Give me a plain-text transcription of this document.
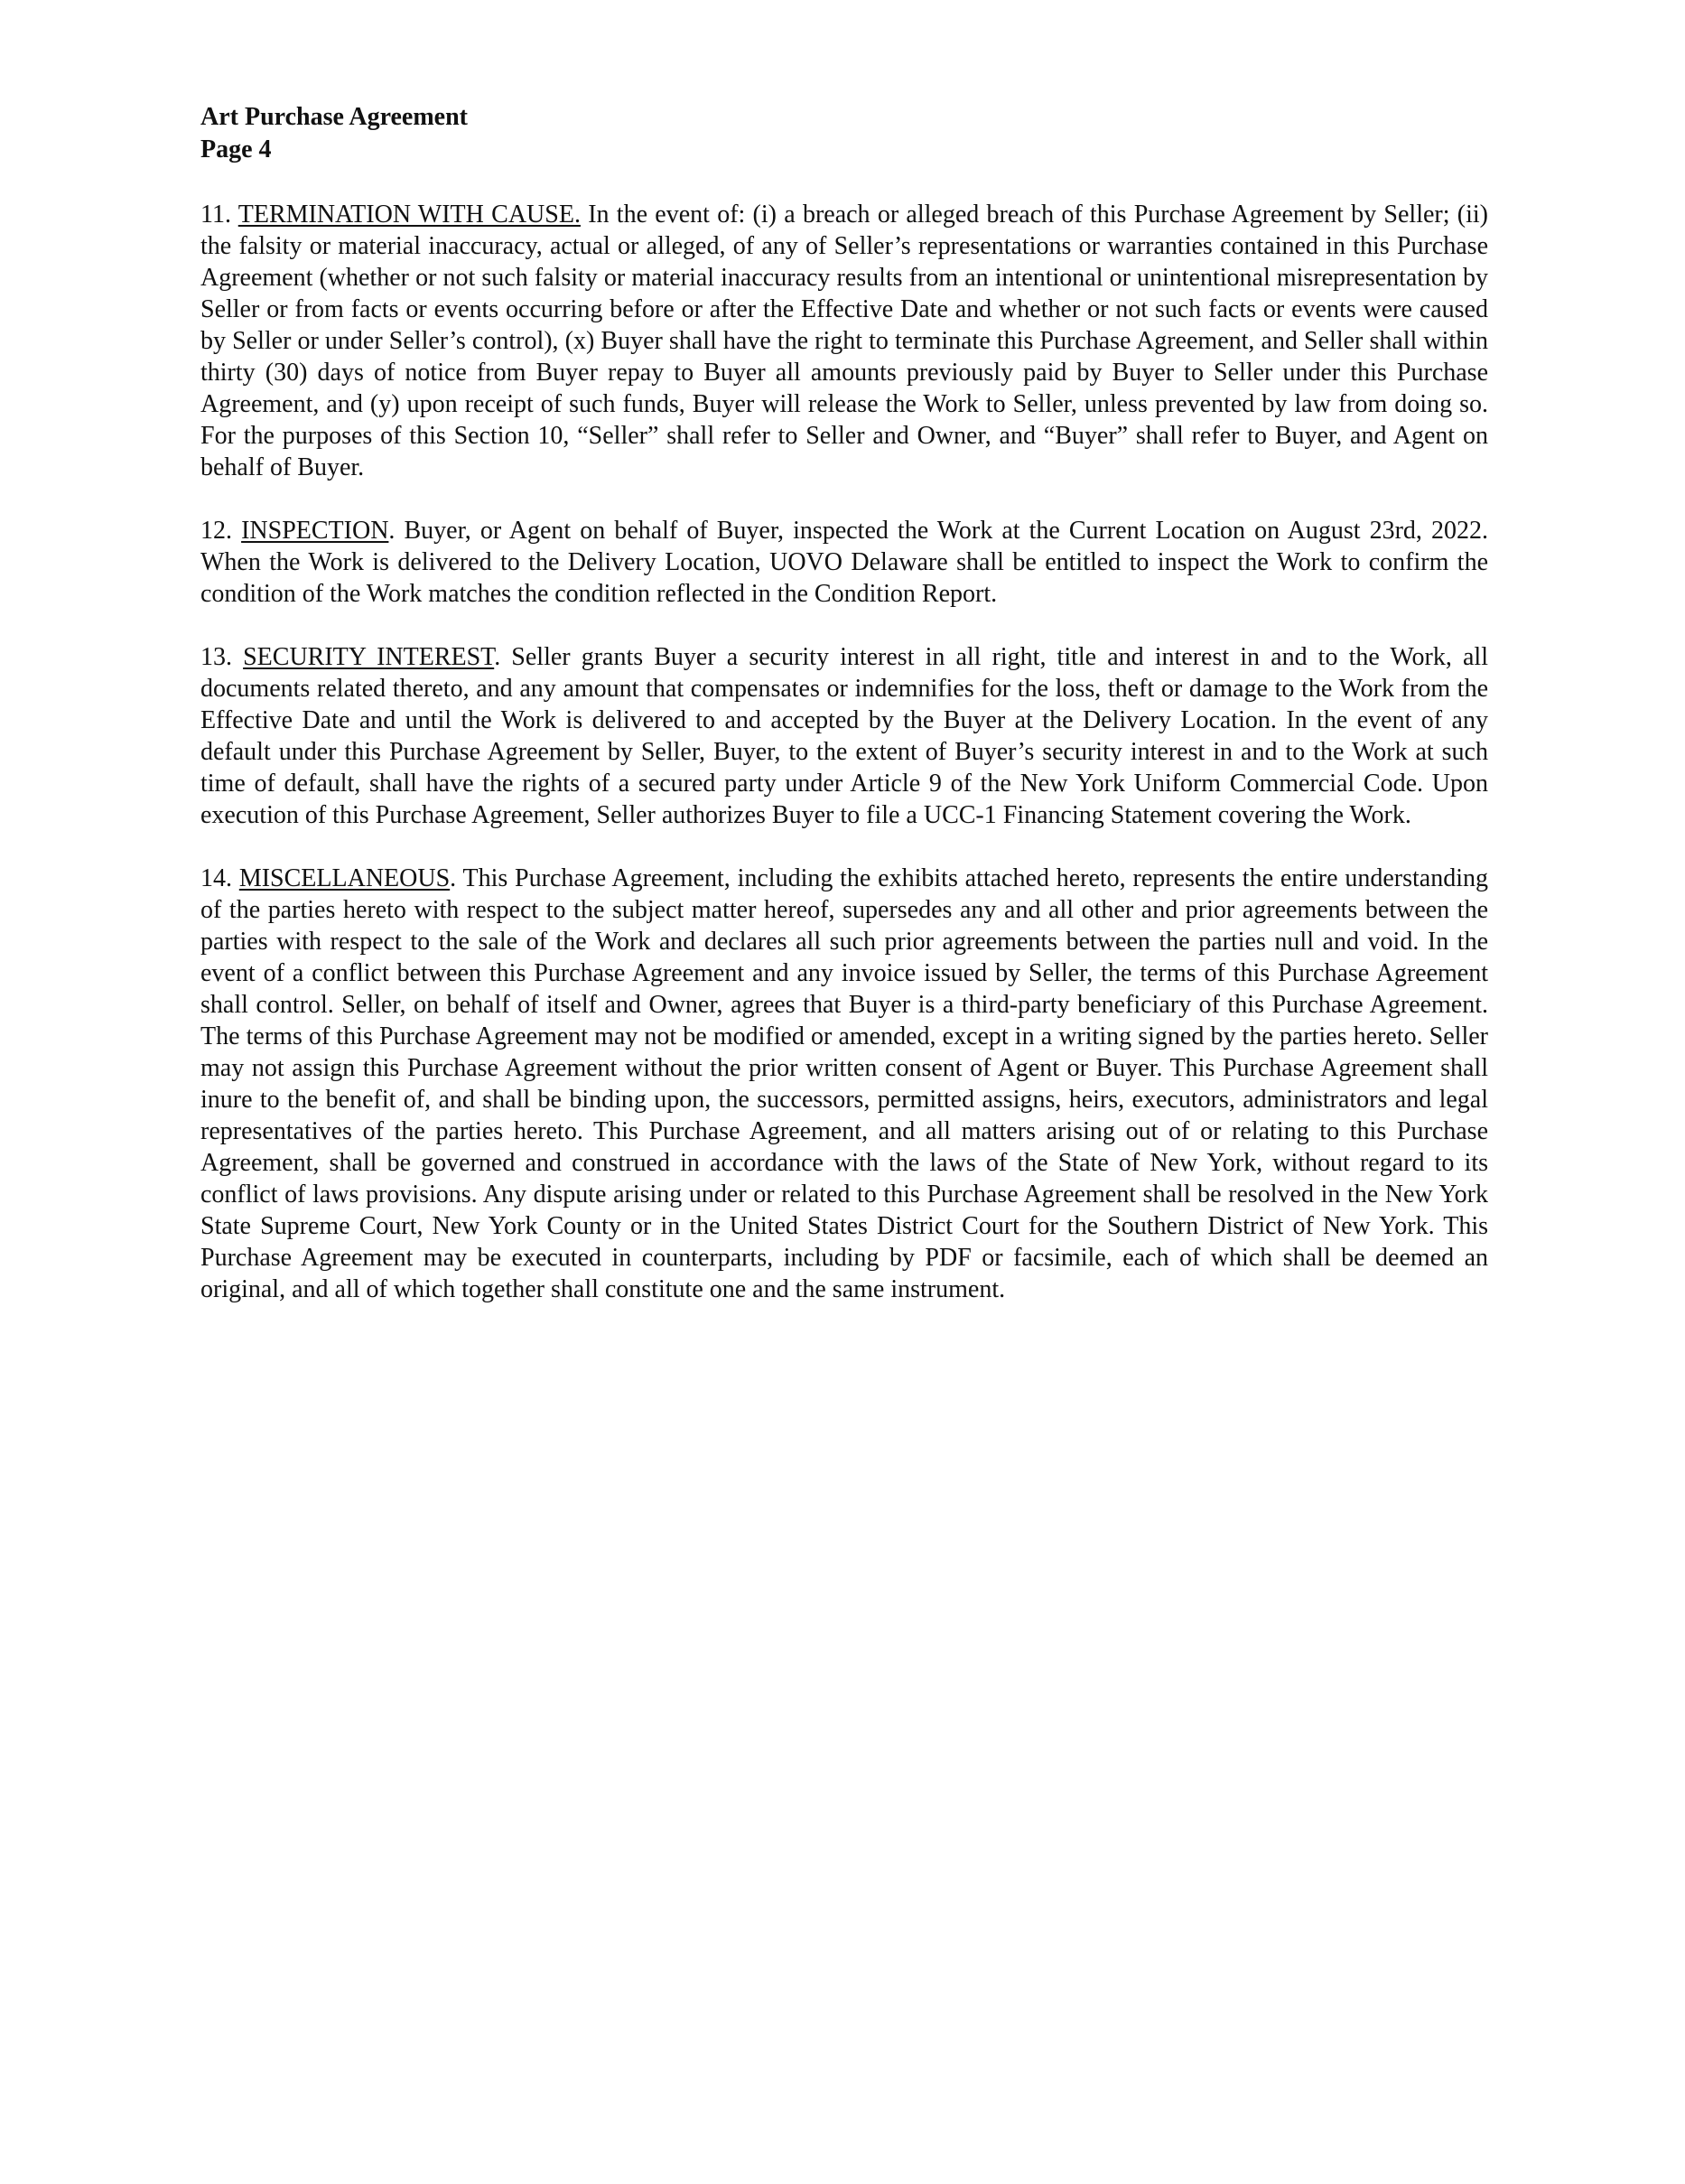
Art Purchase Agreement
Page 4

11. TERMINATION WITH CAUSE. In the event of: (i) a breach or alleged breach of this Purchase Agreement by Seller; (ii) the falsity or material inaccuracy, actual or alleged, of any of Seller’s representations or warranties contained in this Purchase Agreement (whether or not such falsity or material inaccuracy results from an intentional or unintentional misrepresentation by Seller or from facts or events occurring before or after the Effective Date and whether or not such facts or events were caused by Seller or under Seller’s control), (x) Buyer shall have the right to terminate this Purchase Agreement, and Seller shall within thirty (30) days of notice from Buyer repay to Buyer all amounts previously paid by Buyer to Seller under this Purchase Agreement, and (y) upon receipt of such funds, Buyer will release the Work to Seller, unless prevented by law from doing so. For the purposes of this Section 10, “Seller” shall refer to Seller and Owner, and “Buyer” shall refer to Buyer, and Agent on behalf of Buyer.

12. INSPECTION. Buyer, or Agent on behalf of Buyer, inspected the Work at the Current Location on August 23rd, 2022. When the Work is delivered to the Delivery Location, UOVO Delaware shall be entitled to inspect the Work to confirm the condition of the Work matches the condition reflected in the Condition Report.

13. SECURITY INTEREST. Seller grants Buyer a security interest in all right, title and interest in and to the Work, all documents related thereto, and any amount that compensates or indemnifies for the loss, theft or damage to the Work from the Effective Date and until the Work is delivered to and accepted by the Buyer at the Delivery Location. In the event of any default under this Purchase Agreement by Seller, Buyer, to the extent of Buyer’s security interest in and to the Work at such time of default, shall have the rights of a secured party under Article 9 of the New York Uniform Commercial Code. Upon execution of this Purchase Agreement, Seller authorizes Buyer to file a UCC-1 Financing Statement covering the Work.

14. MISCELLANEOUS. This Purchase Agreement, including the exhibits attached hereto, represents the entire understanding of the parties hereto with respect to the subject matter hereof, supersedes any and all other and prior agreements between the parties with respect to the sale of the Work and declares all such prior agreements between the parties null and void. In the event of a conflict between this Purchase Agreement and any invoice issued by Seller, the terms of this Purchase Agreement shall control. Seller, on behalf of itself and Owner, agrees that Buyer is a third-party beneficiary of this Purchase Agreement. The terms of this Purchase Agreement may not be modified or amended, except in a writing signed by the parties hereto. Seller may not assign this Purchase Agreement without the prior written consent of Agent or Buyer. This Purchase Agreement shall inure to the benefit of, and shall be binding upon, the successors, permitted assigns, heirs, executors, administrators and legal representatives of the parties hereto. This Purchase Agreement, and all matters arising out of or relating to this Purchase Agreement, shall be governed and construed in accordance with the laws of the State of New York, without regard to its conflict of laws provisions. Any dispute arising under or related to this Purchase Agreement shall be resolved in the New York State Supreme Court, New York County or in the United States District Court for the Southern District of New York. This Purchase Agreement may be executed in counterparts, including by PDF or facsimile, each of which shall be deemed an original, and all of which together shall constitute one and the same instrument.
